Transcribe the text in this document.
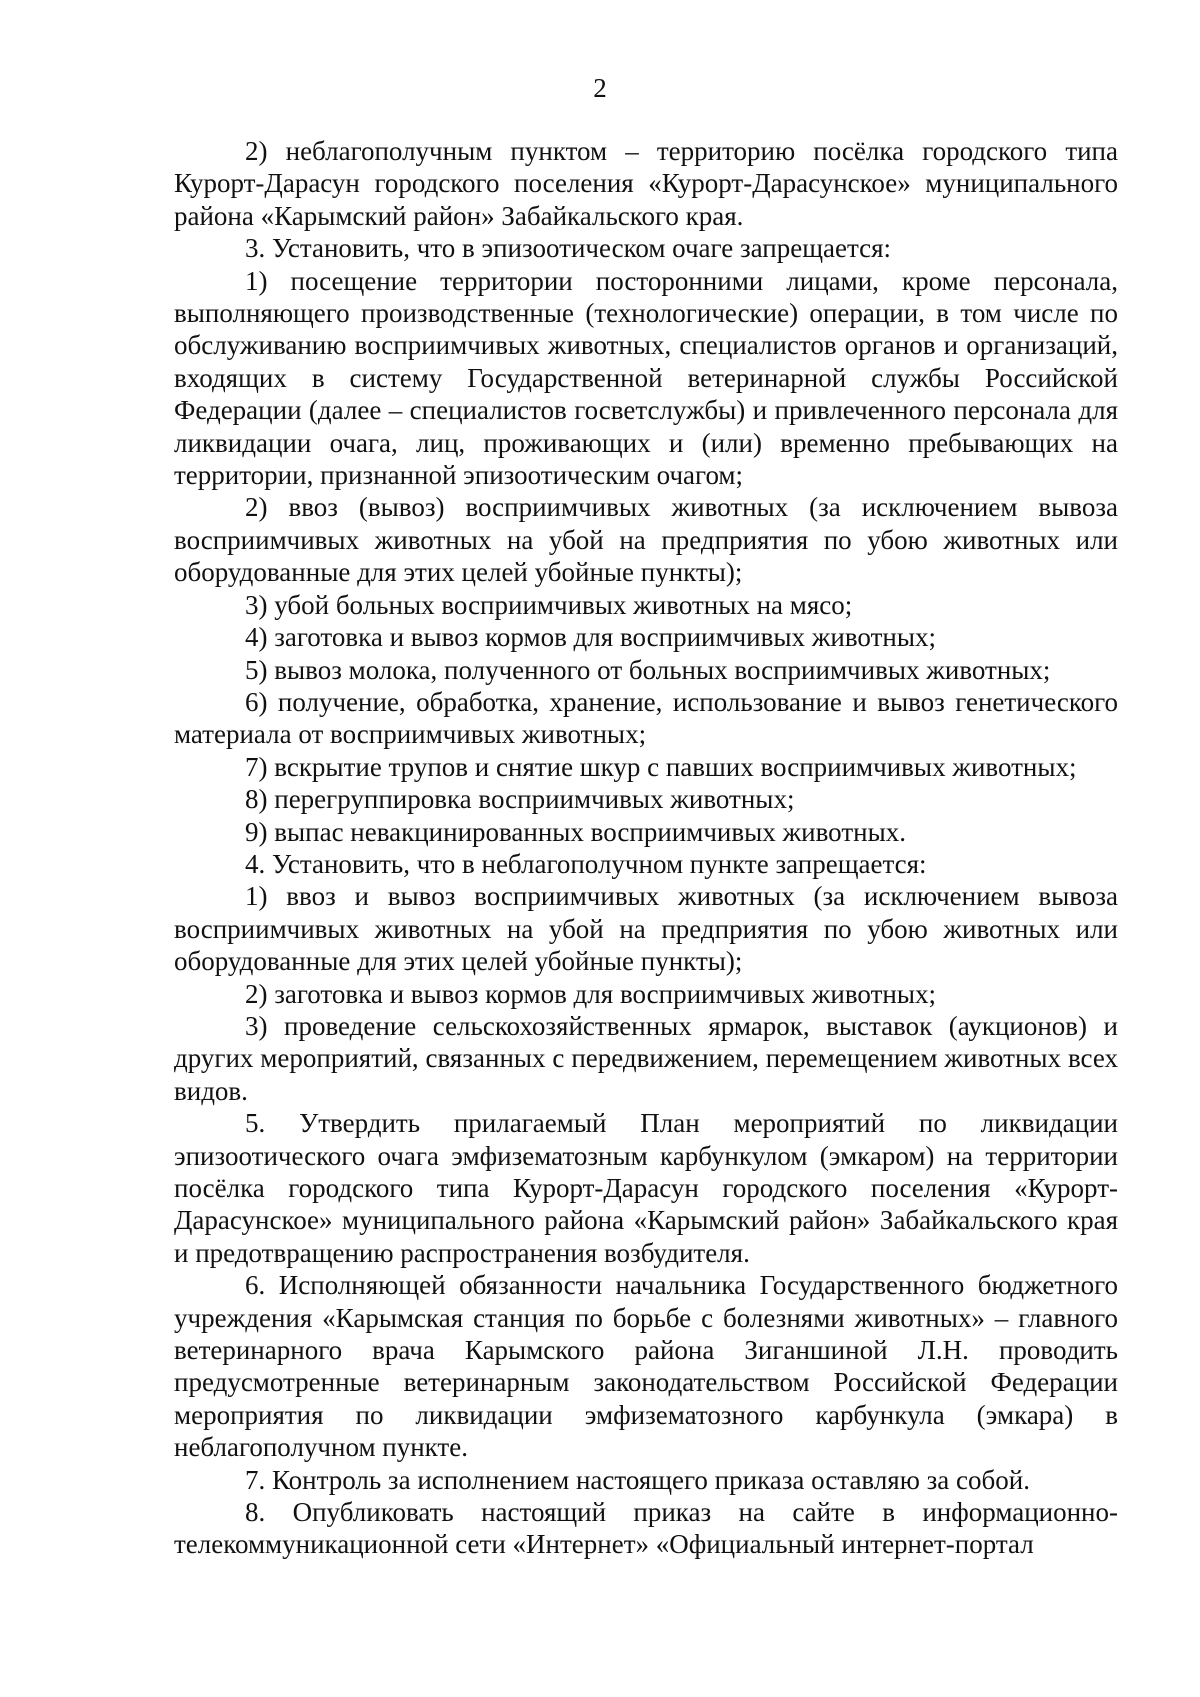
2

2) неблагополучным пунктом – территорию посёлка городского типа Курорт-Дарасун городского поселения «Курорт-Дарасунское» муниципального района «Карымский район» Забайкальского края.

3. Установить, что в эпизоотическом очаге запрещается:

1) посещение территории посторонними лицами, кроме персонала, выполняющего производственные (технологические) операции, в том числе по обслуживанию восприимчивых животных, специалистов органов и организаций, входящих в систему Государственной ветеринарной службы Российской Федерации (далее – специалистов госветслужбы) и привлеченного персонала для ликвидации очага, лиц, проживающих и (или) временно пребывающих на территории, признанной эпизоотическим очагом;

2) ввоз (вывоз) восприимчивых животных (за исключением вывоза восприимчивых животных на убой на предприятия по убою животных или оборудованные для этих целей убойные пункты);

3) убой больных восприимчивых животных на мясо;

4) заготовка и вывоз кормов для восприимчивых животных;

5) вывоз молока, полученного от больных восприимчивых животных;

6) получение, обработка, хранение, использование и вывоз генетического материала от восприимчивых животных;

7) вскрытие трупов и снятие шкур с павших восприимчивых животных;

8) перегруппировка восприимчивых животных;

9) выпас невакцинированных восприимчивых животных.

4. Установить, что в неблагополучном пункте запрещается:

1) ввоз и вывоз восприимчивых животных (за исключением вывоза восприимчивых животных на убой на предприятия по убою животных или оборудованные для этих целей убойные пункты);

2) заготовка и вывоз кормов для восприимчивых животных;

3) проведение сельскохозяйственных ярмарок, выставок (аукционов) и других мероприятий, связанных с передвижением, перемещением животных всех видов.

5. Утвердить прилагаемый План мероприятий по ликвидации эпизоотического очага эмфизематозным карбункулом (эмкаром) на территории посёлка городского типа Курорт-Дарасун городского поселения «Курорт-Дарасунское» муниципального района «Карымский район» Забайкальского края и предотвращению распространения возбудителя.

6. Исполняющей обязанности начальника Государственного бюджетного учреждения «Карымская станция по борьбе с болезнями животных» – главного ветеринарного врача Карымского района Зиганшиной Л.Н. проводить предусмотренные ветеринарным законодательством Российской Федерации мероприятия по ликвидации эмфизематозного карбункула (эмкара) в неблагополучном пункте.

7. Контроль за исполнением настоящего приказа оставляю за собой.

8. Опубликовать настоящий приказ на сайте в информационно-телекоммуникационной сети «Интернет» «Официальный интернет-портал
